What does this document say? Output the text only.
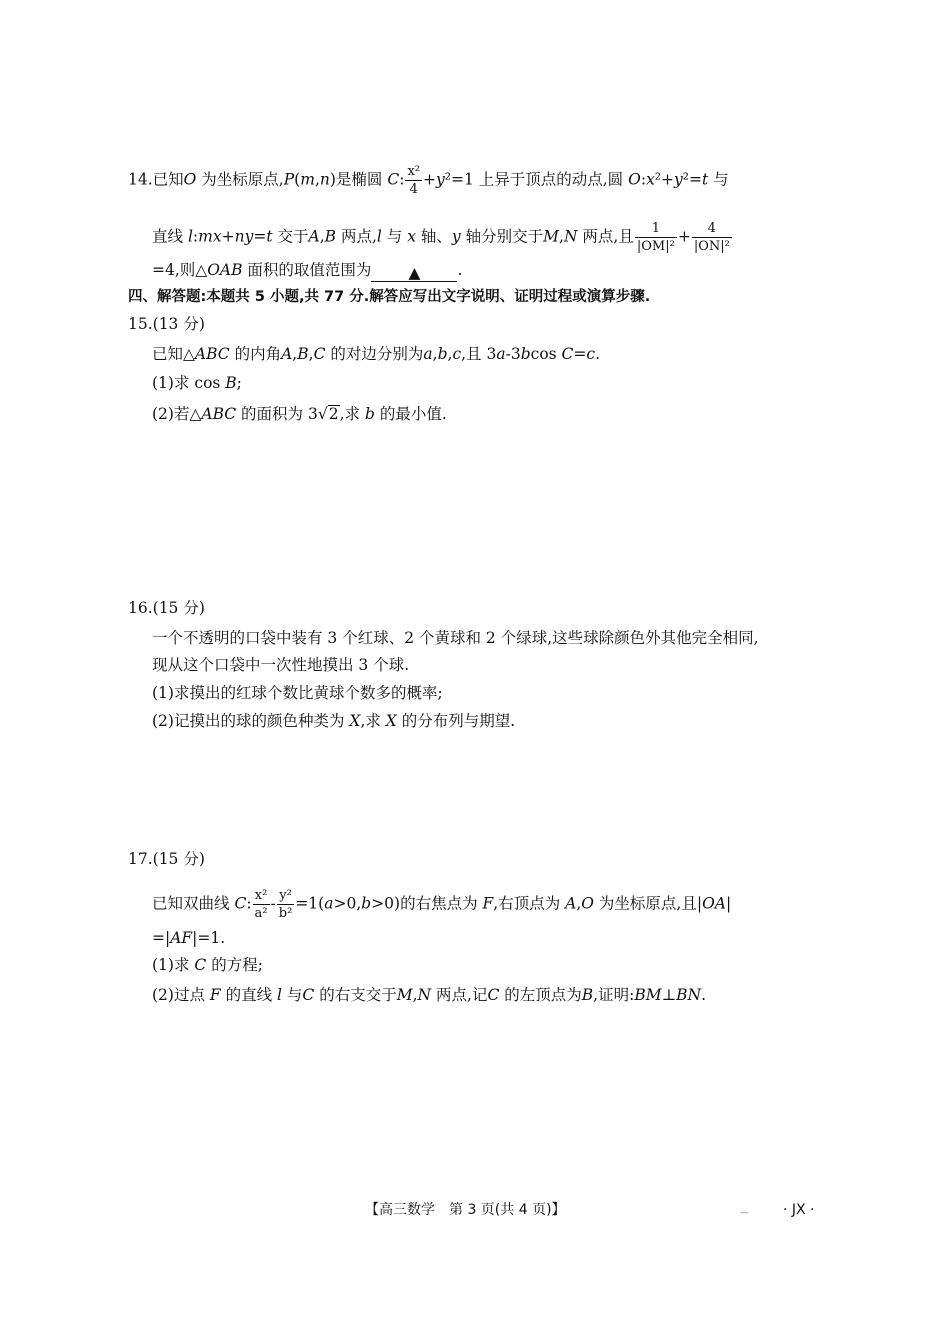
14.已知O 为坐标原点,P(m,n)是椭圆 C: $\frac{\text{x²}}{4} +y^2=1$ 上异于顶点的动点,圆 O:x²+y²=t 与
直线 l:mx+ny=t 交于A,B 两点,l 与 x 轴、y 轴分别交于M,N 两点,且 $\frac{1}{\text{|OM|²}} + \frac{4}{\text{|ON|²}}$
=4,则△OAB 面积的取值范围为 ▲ .
四、解答题:本题共 5 小题,共 77 分.解答应写出文字说明、证明过程或演算步骤.
15.(13 分)
已知△ABC 的内角A,B,C 的对边分别为a,b,c,且 3a-3bcos C=c.
(1)求 cos B;
(2)若△ABC 的面积为 3√2,求 b 的最小值.
16.(15 分)
一个不透明的口袋中装有 3 个红球、2 个黄球和 2 个绿球,这些球除颜色外其他完全相同,
现从这个口袋中一次性地摸出 3 个球.
(1)求摸出的红球个数比黄球个数多的概率;
(2)记摸出的球的颜色种类为 X,求 X 的分布列与期望.
17.(15 分)
已知双曲线 C: $\frac{\text{x²}}{\text{a²}} - \frac{\text{y²}}{\text{b²}} =1(a>0,b>0)$的右焦点为 F,右顶点为 A,O 为坐标原点,且|OA|
=|AF|=1.
(1)求 C 的方程;
(2)过点 F 的直线 l 与C 的右支交于M,N 两点,记C 的左顶点为B,证明:BM⊥BN.
【高三数学　第 3 页(共 4 页)】	— · JX ·
